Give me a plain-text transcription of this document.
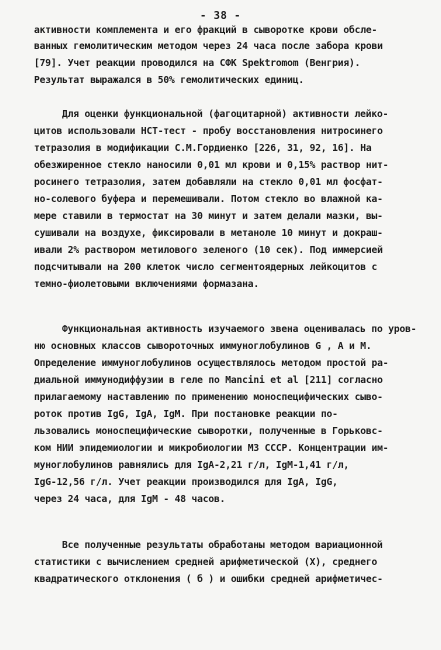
- 38 -
активности комплемента и его фракций в сыворотке крови обсле-
ванных гемолитическим методом через 24 часа после забора крови
[79]. Учет реакции проводился на СФК Spektromom (Венгрия).
Результат выражался в 50% гемолитических единиц.
Для оценки функциональной (фагоцитарной) активности лейко-
цитов использовали НСТ-тест - пробу восстановления нитросинего
тетразолия в модификации С.М.Гордиенко [226, 31, 92, 16]. На
обезжиренное стекло наносили 0,01 мл крови и 0,15% раствор нит-
росинего тетразолия, затем добавляли на стекло 0,01 мл фосфат-
но-солевого буфера и перемешивали. Потом стекло во влажной ка-
мере ставили в термостат на 30 минут и затем делали мазки, вы-
сушивали на воздухе, фиксировали в метаноле 10 минут и докраш-
ивали 2% раствором метилового зеленого (10 сек). Под иммерсией
подсчитывали на 200 клеток число сегментоядерных лейкоцитов с
темно-фиолетовыми включениями формазана.
Функциональная активность изучаемого звена оценивалась по уров-
ню основных классов сывороточных иммуноглобулинов G , A и M.
Определение иммуноглобулинов осуществлялось методом простой ра-
диальной иммунодиффузии в геле по Mancini et al [211] согласно
прилагаемому наставлению по применению моноспецифических сыво-
роток против IgG, IgA, IgM. При постановке реакции по-
льзовались моноспецифические сыворотки, полученные в Горьковс-
ком НИИ эпидемиологии и микробиологии МЗ СССР. Концентрации им-
муноглобулинов равнялись для IgA-2,21 г/л, IgM-1,41 г/л,
IgG-12,56 г/л. Учет реакции производился для IgA, IgG,
через 24 часа, для IgM - 48 часов.
Все полученные результаты обработаны методом вариационной
статистики с вычислением средней арифметической (X), среднего
квадратического отклонения ( б ) и ошибки средней арифметичес-
